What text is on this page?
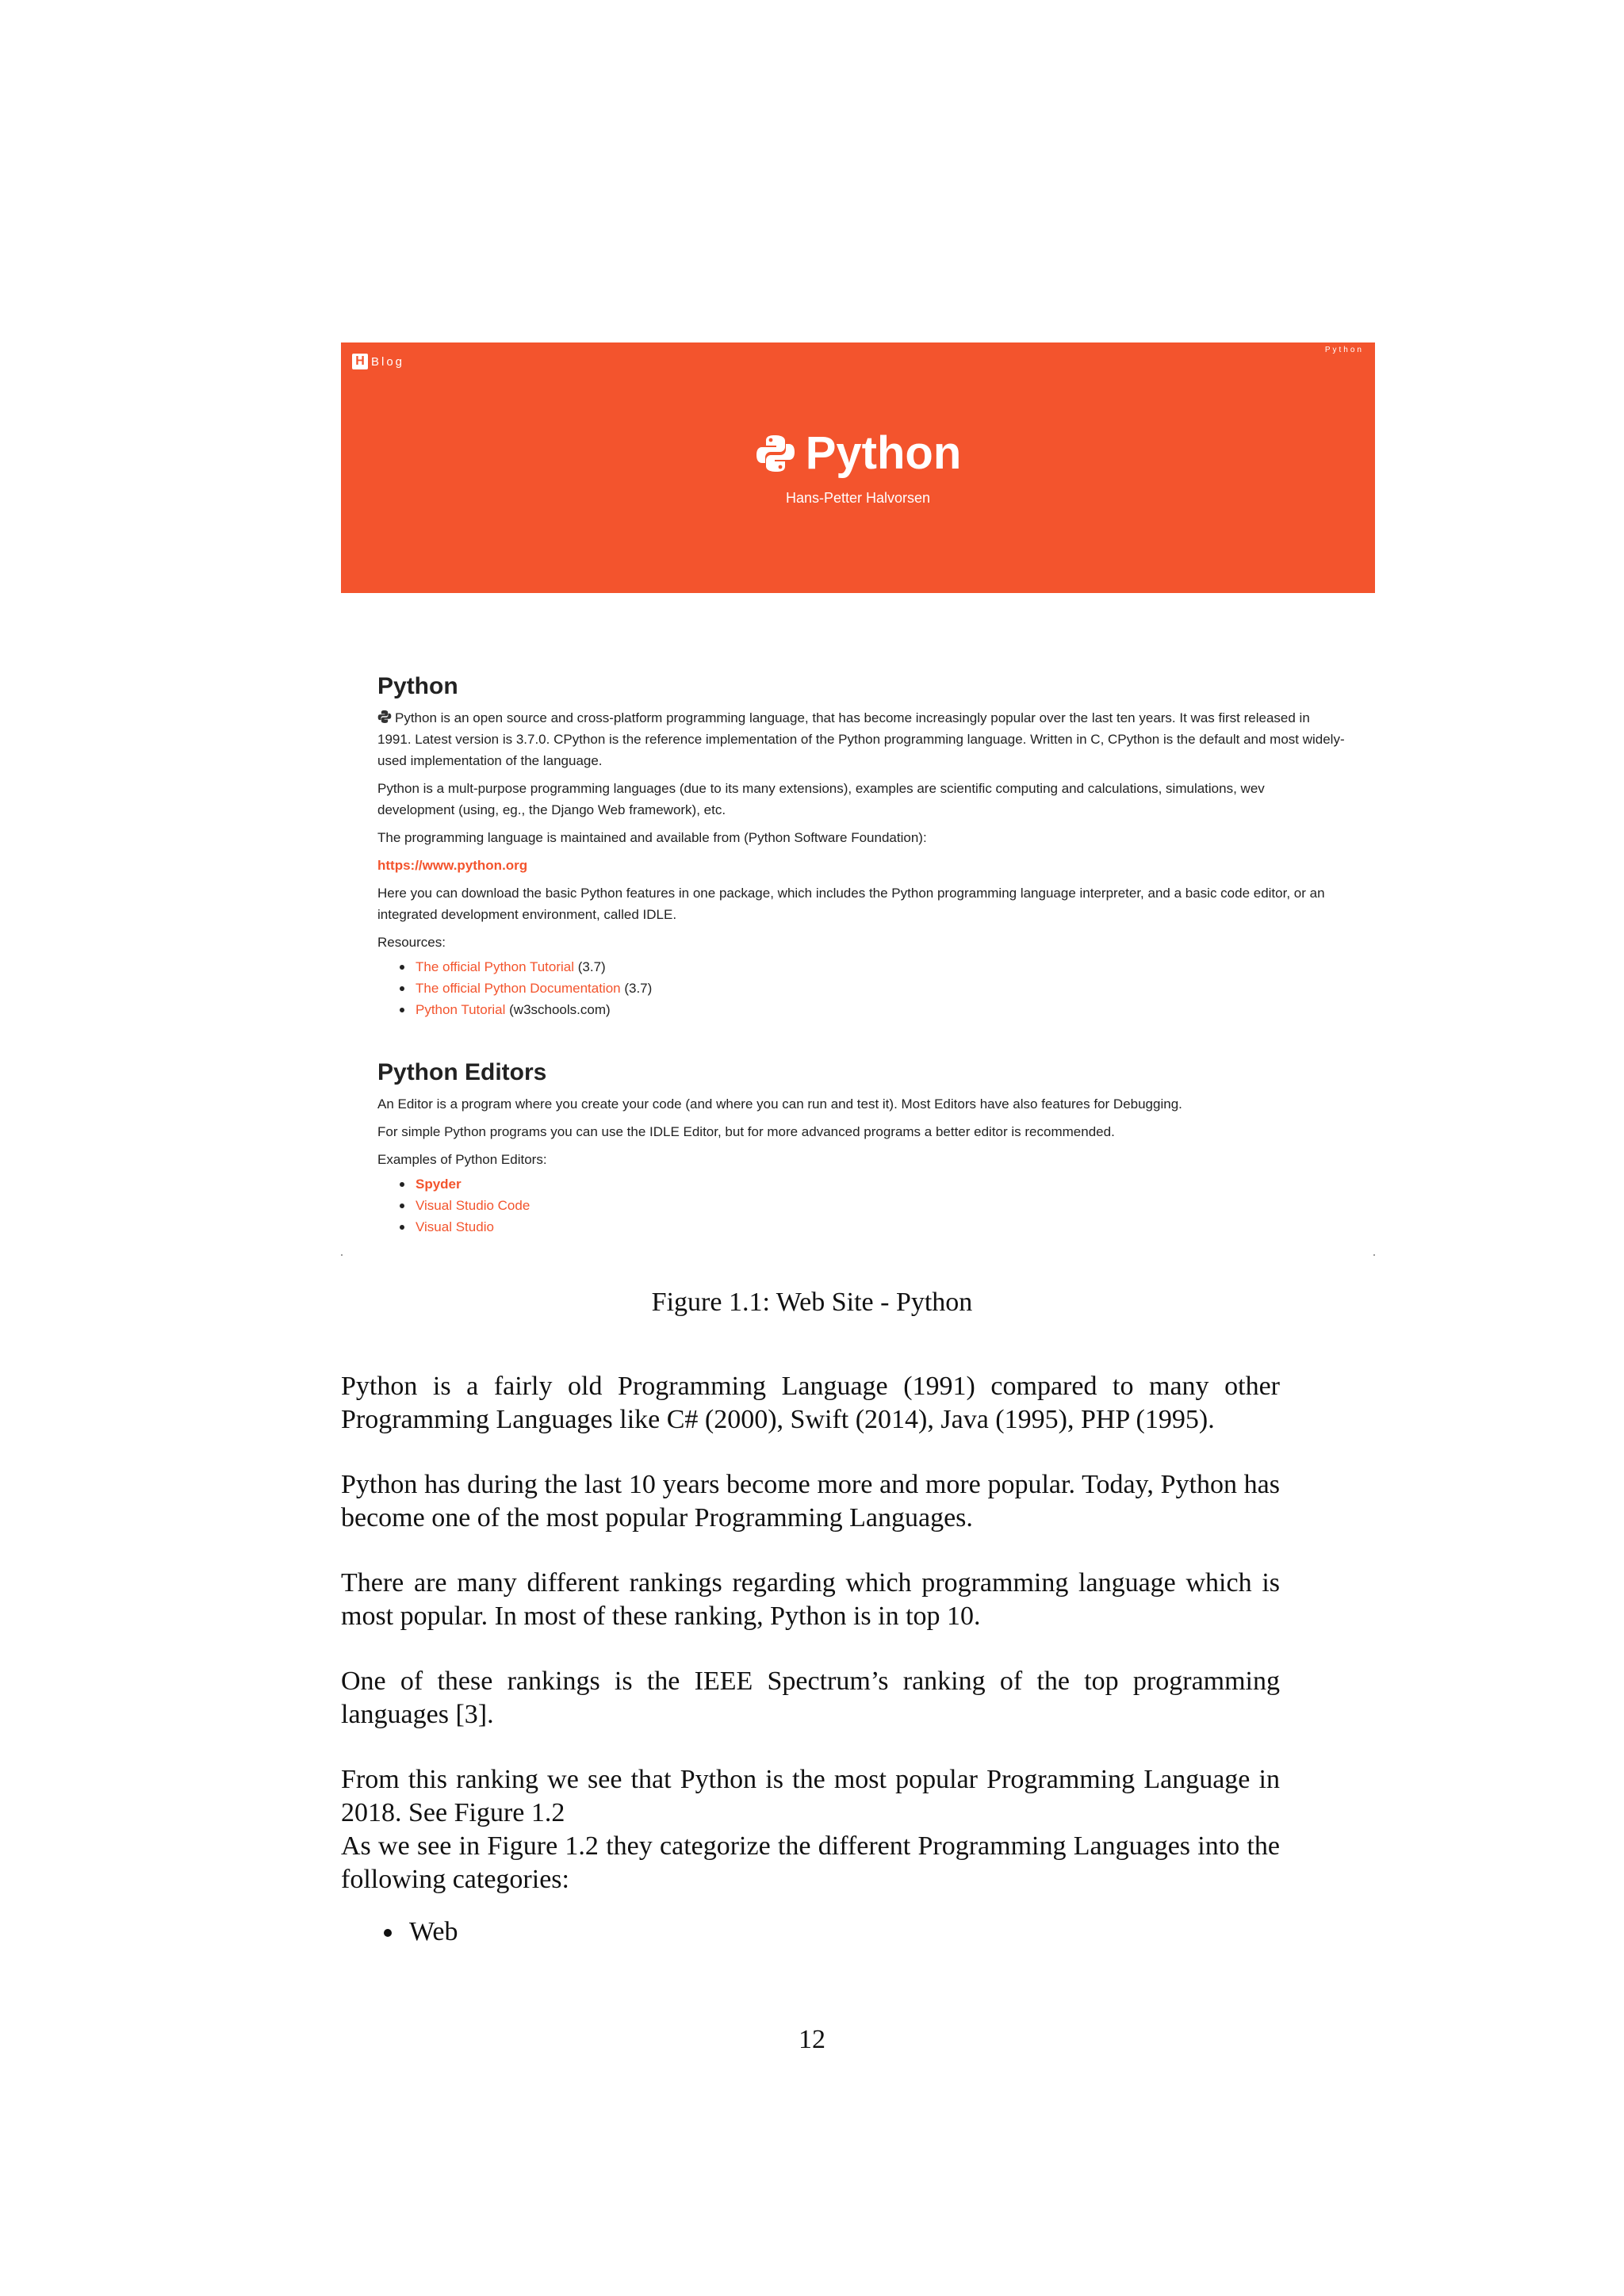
H Blog
Python
Python
Hans-Petter Halvorsen
Python

Python is an open source and cross-platform programming language, that has become increasingly popular over the last ten years. It was first released in 1991. Latest version is 3.7.0. CPython is the reference implementation of the Python programming language. Written in C, CPython is the default and most widely-used implementation of the language.

Python is a mult-purpose programming languages (due to its many extensions), examples are scientific computing and calculations, simulations, wev development (using, eg., the Django Web framework), etc.

The programming language is maintained and available from (Python Software Foundation):

https://www.python.org

Here you can download the basic Python features in one package, which includes the Python programming language interpreter, and a basic code editor, or an integrated development environment, called IDLE.

Resources:

The official Python Tutorial (3.7)
The official Python Documentation (3.7)
Python Tutorial (w3schools.com)
Python Editors

An Editor is a program where you create your code (and where you can run and test it). Most Editors have also features for Debugging.

For simple Python programs you can use the IDLE Editor, but for more advanced programs a better editor is recommended.

Examples of Python Editors:

Spyder
Visual Studio Code
Visual Studio
Figure 1.1: Web Site - Python

Python is a fairly old Programming Language (1991) compared to many other Programming Languages like C# (2000), Swift (2014), Java (1995), PHP (1995).

Python has during the last 10 years become more and more popular. Today, Python has become one of the most popular Programming Languages.

There are many different rankings regarding which programming language which is most popular. In most of these ranking, Python is in top 10.

One of these rankings is the IEEE Spectrum’s ranking of the top programming languages [3].

From this ranking we see that Python is the most popular Programming Language in 2018. See Figure 1.2

As we see in Figure 1.2 they categorize the different Programming Languages into the following categories:

Web
12
